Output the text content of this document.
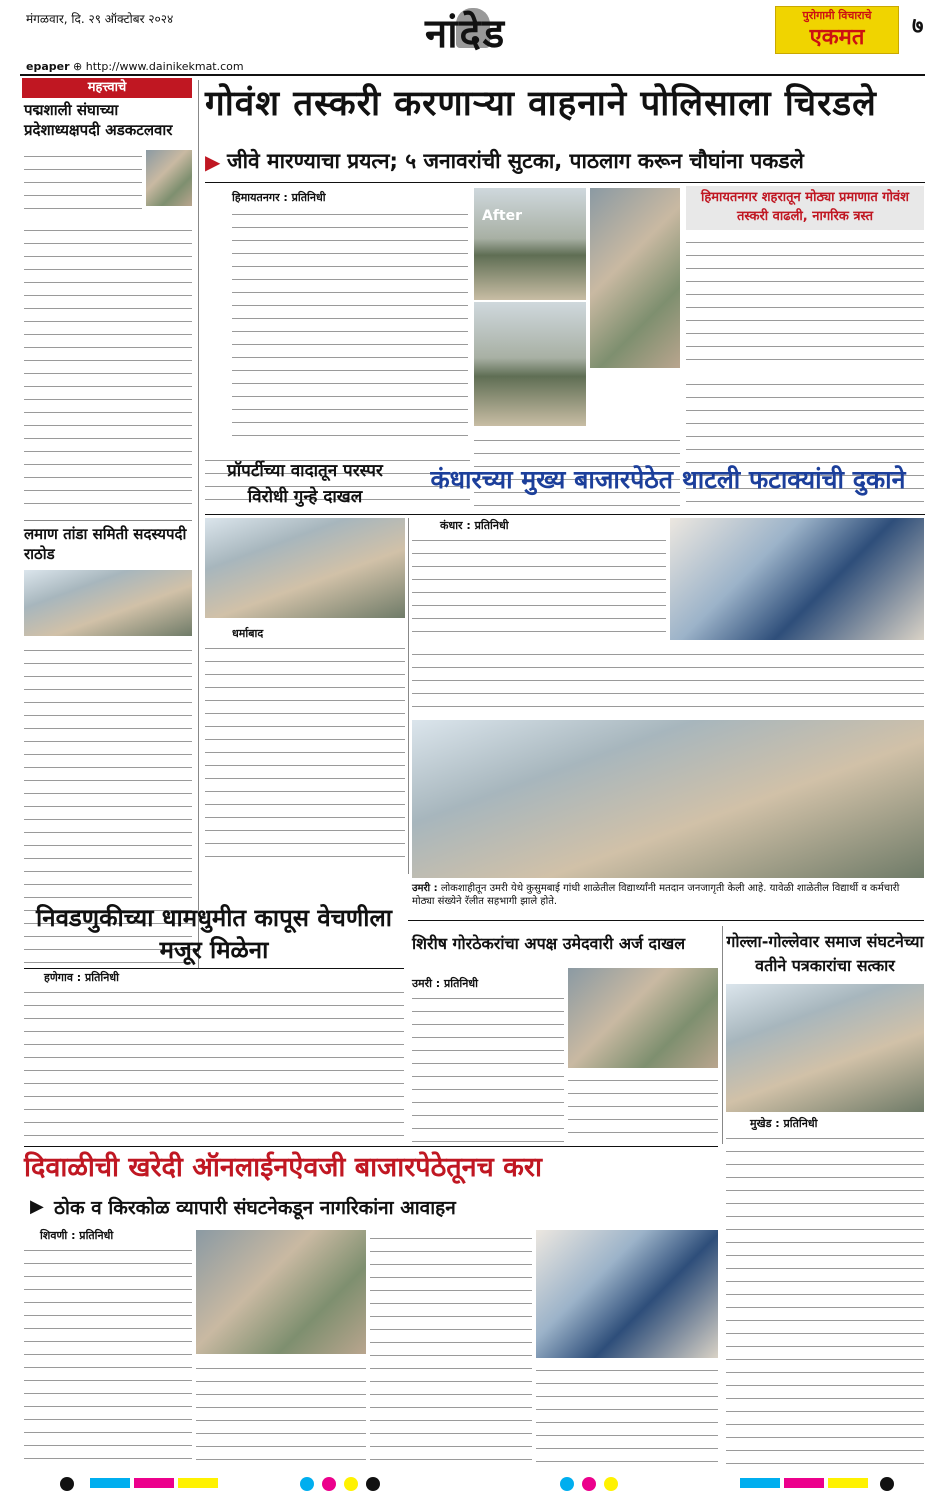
मंगळवार, दि. २९ ऑक्टोबर २०२४	नांदेड	पुरोगामी विचाराचे
एकमत	७
epaper ⊕ http://www.dainikekmat.com
महत्त्वाचे
पद्मशाली संघाच्या प्रदेशाध्यक्षपदी अडकटलवार
लमाण तांडा समिती सदस्यपदी राठोड
गोवंश तस्करी करणाऱ्या वाहनाने पोलिसाला चिरडले
▶ जीवे मारण्याचा प्रयत्न; ५ जनावरांची सुटका, पाठलाग करून चौघांना पकडले
हिमायतनगर : प्रतिनिधी
After
हिमायतनगर शहरातून मोठ्या प्रमाणात गोवंश तस्करी वाढली, नागरिक त्रस्त
प्रॉपर्टीच्या वादातून परस्पर विरोधी गुन्हे दाखल
धर्माबाद
कंधारच्या मुख्य बाजारपेठेत थाटली फटाक्यांची दुकाने
कंधार : प्रतिनिधी
उमरी : लोकशाहीतून उमरी येथे कुसुमबाई गांधी शाळेतील विद्यार्थ्यांनी मतदान जनजागृती केली आहे. यावेळी शाळेतील विद्यार्थी व कर्मचारी मोठ्या संख्येने रॅलीत सहभागी झाले होते.
निवडणुकीच्या धामधुमीत कापूस वेचणीला मजूर मिळेना
हणेगाव : प्रतिनिधी
शिरीष गोरठेकरांचा अपक्ष उमेदवारी अर्ज दाखल
उमरी : प्रतिनिधी
गोल्ला-गोल्लेवार समाज संघटनेच्या वतीने पत्रकारांचा सत्कार
मुखेड : प्रतिनिधी
दिवाळीची खरेदी ऑनलाईनऐवजी बाजारपेठेतूनच करा
▶ ठोक व किरकोळ व्यापारी संघटनेकडून नागरिकांना आवाहन
शिवणी : प्रतिनिधी
